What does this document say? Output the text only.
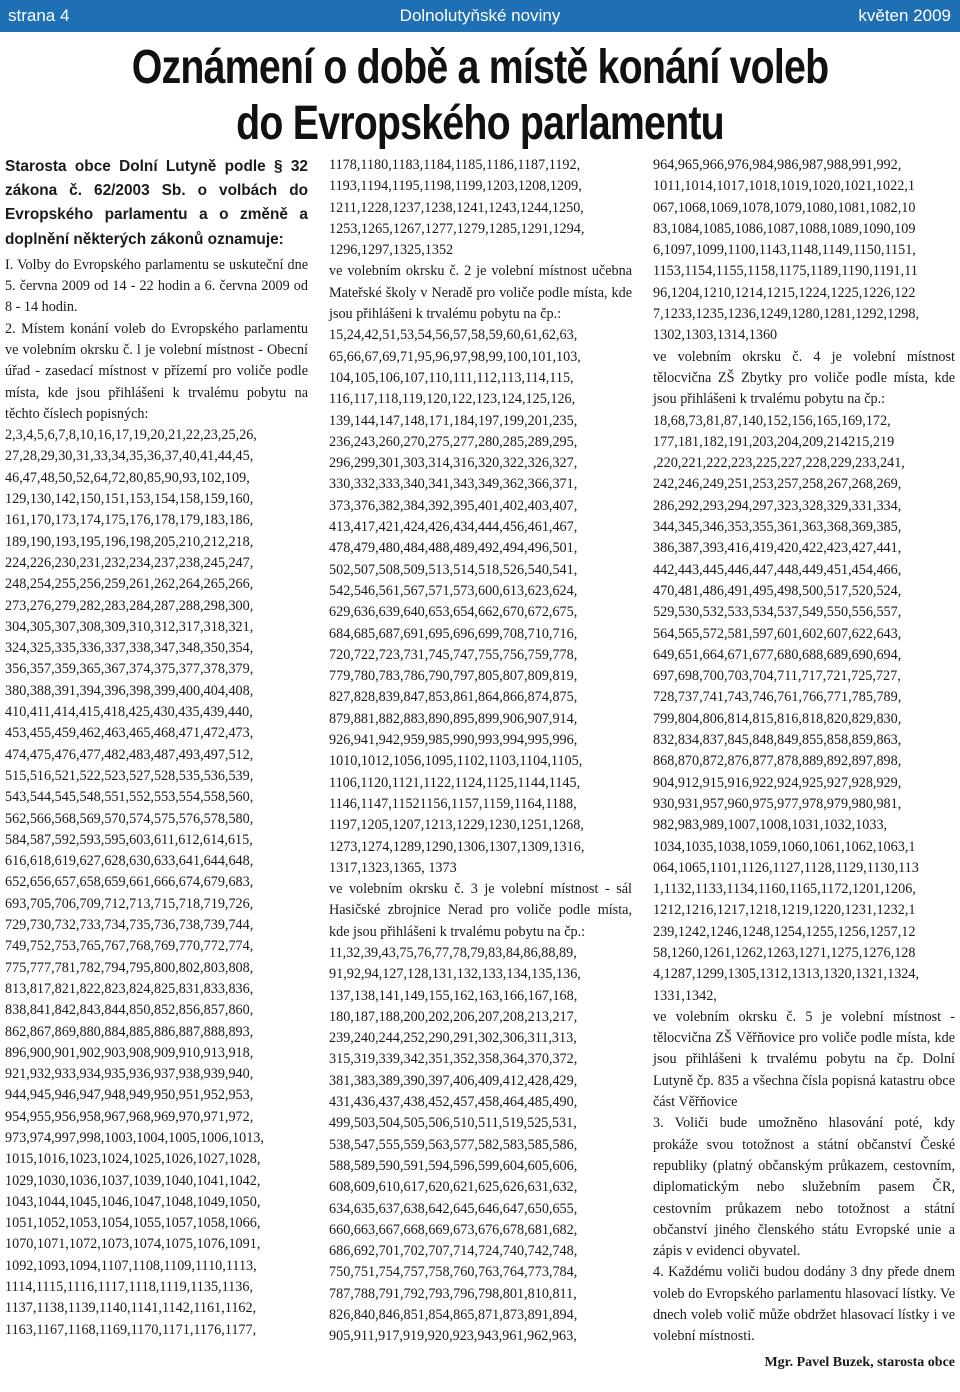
Dolnolutyňské noviny
strana 4	květen 2009
Oznámení o době a místě konání voleb
do Evropského parlamentu

Starosta obce Dolní Lutyně podle § 32 zákona č. 62/2003 Sb. o volbách do Evropského parlamentu a o změně a doplnění některých zákonů oznamuje:

I. Volby do Evropského parlamentu se uskuteční dne 5. června 2009 od 14 - 22 hodin a 6. června 2009 od 8 - 14 hodin.

2. Místem konání voleb do Evropského parlamentu ve volebním okrsku č. l je volební místnost - Obecní úřad - zasedací místnost v přízemí pro voliče podle místa, kde jsou přihlášeni k trvalému pobytu na těchto číslech popisných:

2,3,4,5,6,7,8,10,16,17,19,20,21,22,23,25,26, 27,28,29,30,31,33,34,35,36,37,40,41,44,45, 46,47,48,50,52,64,72,80,85,90,93,102,109, 129,130,142,150,151,153,154,158,159,160, 161,170,173,174,175,176,178,179,183,186, 189,190,193,195,196,198,205,210,212,218, 224,226,230,231,232,234,237,238,245,247, 248,254,255,256,259,261,262,264,265,266, 273,276,279,282,283,284,287,288,298,300, 304,305,307,308,309,310,312,317,318,321, 324,325,335,336,337,338,347,348,350,354, 356,357,359,365,367,374,375,377,378,379, 380,388,391,394,396,398,399,400,404,408, 410,411,414,415,418,425,430,435,439,440, 453,455,459,462,463,465,468,471,472,473, 474,475,476,477,482,483,487,493,497,512, 515,516,521,522,523,527,528,535,536,539, 543,544,545,548,551,552,553,554,558,560, 562,566,568,569,570,574,575,576,578,580, 584,587,592,593,595,603,611,612,614,615, 616,618,619,627,628,630,633,641,644,648, 652,656,657,658,659,661,666,674,679,683, 693,705,706,709,712,713,715,718,719,726, 729,730,732,733,734,735,736,738,739,744, 749,752,753,765,767,768,769,770,772,774, 775,777,781,782,794,795,800,802,803,808, 813,817,821,822,823,824,825,831,833,836, 838,841,842,843,844,850,852,856,857,860, 862,867,869,880,884,885,886,887,888,893, 896,900,901,902,903,908,909,910,913,918, 921,932,933,934,935,936,937,938,939,940, 944,945,946,947,948,949,950,951,952,953, 954,955,956,958,967,968,969,970,971,972, 973,974,997,998,1003,1004,1005,1006,1013, 1015,1016,1023,1024,1025,1026,1027,1028, 1029,1030,1036,1037,1039,1040,1041,1042, 1043,1044,1045,1046,1047,1048,1049,1050, 1051,1052,1053,1054,1055,1057,1058,1066, 1070,1071,1072,1073,1074,1075,1076,1091, 1092,1093,1094,1107,1108,1109,1110,1113, 1114,1115,1116,1117,1118,1119,1135,1136, 1137,1138,1139,1140,1141,1142,1161,1162, 1163,1167,1168,1169,1170,1171,1176,1177,

1178,1180,1183,1184,1185,1186,1187,1192, 1193,1194,1195,1198,1199,1203,1208,1209, 1211,1228,1237,1238,1241,1243,1244,1250, 1253,1265,1267,1277,1279,1285,1291,1294, 1296,1297,1325,1352

ve volebním okrsku č. 2 je volební místnost učebna Mateřské školy v Neradě pro voliče podle místa, kde jsou přihlášeni k trvalému pobytu na čp.:

15,24,42,51,53,54,56,57,58,59,60,61,62,63, 65,66,67,69,71,95,96,97,98,99,100,101,103, 104,105,106,107,110,111,112,113,114,115, 116,117,118,119,120,122,123,124,125,126, 139,144,147,148,171,184,197,199,201,235, 236,243,260,270,275,277,280,285,289,295, 296,299,301,303,314,316,320,322,326,327, 330,332,333,340,341,343,349,362,366,371, 373,376,382,384,392,395,401,402,403,407, 413,417,421,424,426,434,444,456,461,467, 478,479,480,484,488,489,492,494,496,501, 502,507,508,509,513,514,518,526,540,541, 542,546,561,567,571,573,600,613,623,624, 629,636,639,640,653,654,662,670,672,675, 684,685,687,691,695,696,699,708,710,716, 720,722,723,731,745,747,755,756,759,778, 779,780,783,786,790,797,805,807,809,819, 827,828,839,847,853,861,864,866,874,875, 879,881,882,883,890,895,899,906,907,914, 926,941,942,959,985,990,993,994,995,996, 1010,1012,1056,1095,1102,1103,1104,1105, 1106,1120,1121,1122,1124,1125,1144,1145, 1146,1147,11521156,1157,1159,1164,1188, 1197,1205,1207,1213,1229,1230,1251,1268, 1273,1274,1289,1290,1306,1307,1309,1316, 1317,1323,1365, 1373

ve volebním okrsku č. 3 je volební místnost - sál Hasičské zbrojnice Nerad pro voliče podle místa, kde jsou přihlášeni k trvalému pobytu na čp.:

11,32,39,43,75,76,77,78,79,83,84,86,88,89, 91,92,94,127,128,131,132,133,134,135,136, 137,138,141,149,155,162,163,166,167,168, 180,187,188,200,202,206,207,208,213,217, 239,240,244,252,290,291,302,306,311,313, 315,319,339,342,351,352,358,364,370,372, 381,383,389,390,397,406,409,412,428,429, 431,436,437,438,452,457,458,464,485,490, 499,503,504,505,506,510,511,519,525,531, 538,547,555,559,563,577,582,583,585,586, 588,589,590,591,594,596,599,604,605,606, 608,609,610,617,620,621,625,626,631,632, 634,635,637,638,642,645,646,647,650,655, 660,663,667,668,669,673,676,678,681,682, 686,692,701,702,707,714,724,740,742,748, 750,751,754,757,758,760,763,764,773,784, 787,788,791,792,793,796,798,801,810,811, 826,840,846,851,854,865,871,873,891,894, 905,911,917,919,920,923,943,961,962,963,

964,965,966,976,984,986,987,988,991,992, 1011,1014,1017,1018,1019,1020,1021,1022,1 067,1068,1069,1078,1079,1080,1081,1082,10 83,1084,1085,1086,1087,1088,1089,1090,109 6,1097,1099,1100,1143,1148,1149,1150,1151, 1153,1154,1155,1158,1175,1189,1190,1191,11 96,1204,1210,1214,1215,1224,1225,1226,122 7,1233,1235,1236,1249,1280,1281,1292,1298, 1302,1303,1314,1360

ve volebním okrsku č. 4 je volební místnost tělocvična ZŠ Zbytky pro voliče podle místa, kde jsou přihlášeni k trvalému pobytu na čp.:

18,68,73,81,87,140,152,156,165,169,172, 177,181,182,191,203,204,209,214215,219 ,220,221,222,223,225,227,228,229,233,241, 242,246,249,251,253,257,258,267,268,269, 286,292,293,294,297,323,328,329,331,334, 344,345,346,353,355,361,363,368,369,385, 386,387,393,416,419,420,422,423,427,441, 442,443,445,446,447,448,449,451,454,466, 470,481,486,491,495,498,500,517,520,524, 529,530,532,533,534,537,549,550,556,557, 564,565,572,581,597,601,602,607,622,643, 649,651,664,671,677,680,688,689,690,694, 697,698,700,703,704,711,717,721,725,727, 728,737,741,743,746,761,766,771,785,789, 799,804,806,814,815,816,818,820,829,830, 832,834,837,845,848,849,855,858,859,863, 868,870,872,876,877,878,889,892,897,898, 904,912,915,916,922,924,925,927,928,929, 930,931,957,960,975,977,978,979,980,981, 982,983,989,1007,1008,1031,1032,1033, 1034,1035,1038,1059,1060,1061,1062,1063,1 064,1065,1101,1126,1127,1128,1129,1130,113 1,1132,1133,1134,1160,1165,1172,1201,1206, 1212,1216,1217,1218,1219,1220,1231,1232,1 239,1242,1246,1248,1254,1255,1256,1257,12 58,1260,1261,1262,1263,1271,1275,1276,128 4,1287,1299,1305,1312,1313,1320,1321,1324, 1331,1342,

ve volebním okrsku č. 5 je volební místnost - tělocvična ZŠ Věřňovice pro voliče podle místa, kde jsou přihlášeni k trvalému pobytu na čp. Dolní Lutyně čp. 835 a všechna čísla popisná katastru obce část Věřňovice

3. Voliči bude umožněno hlasování poté, kdy prokáže svou totožnost a státní občanství České republiky (platný občanským průkazem, cestovním, diplomatickým nebo služebním pasem ČR, cestovním průkazem nebo totožnost a státní občanství jiného členského státu Evropské unie a zápis v evidenci obyvatel.

4. Každému voliči budou dodány 3 dny přede dnem voleb do Evropského parlamentu hlasovací lístky. Ve dnech voleb volič může obdržet hlasovací lístky i ve volební místnosti.

Mgr. Pavel Buzek, starosta obce
